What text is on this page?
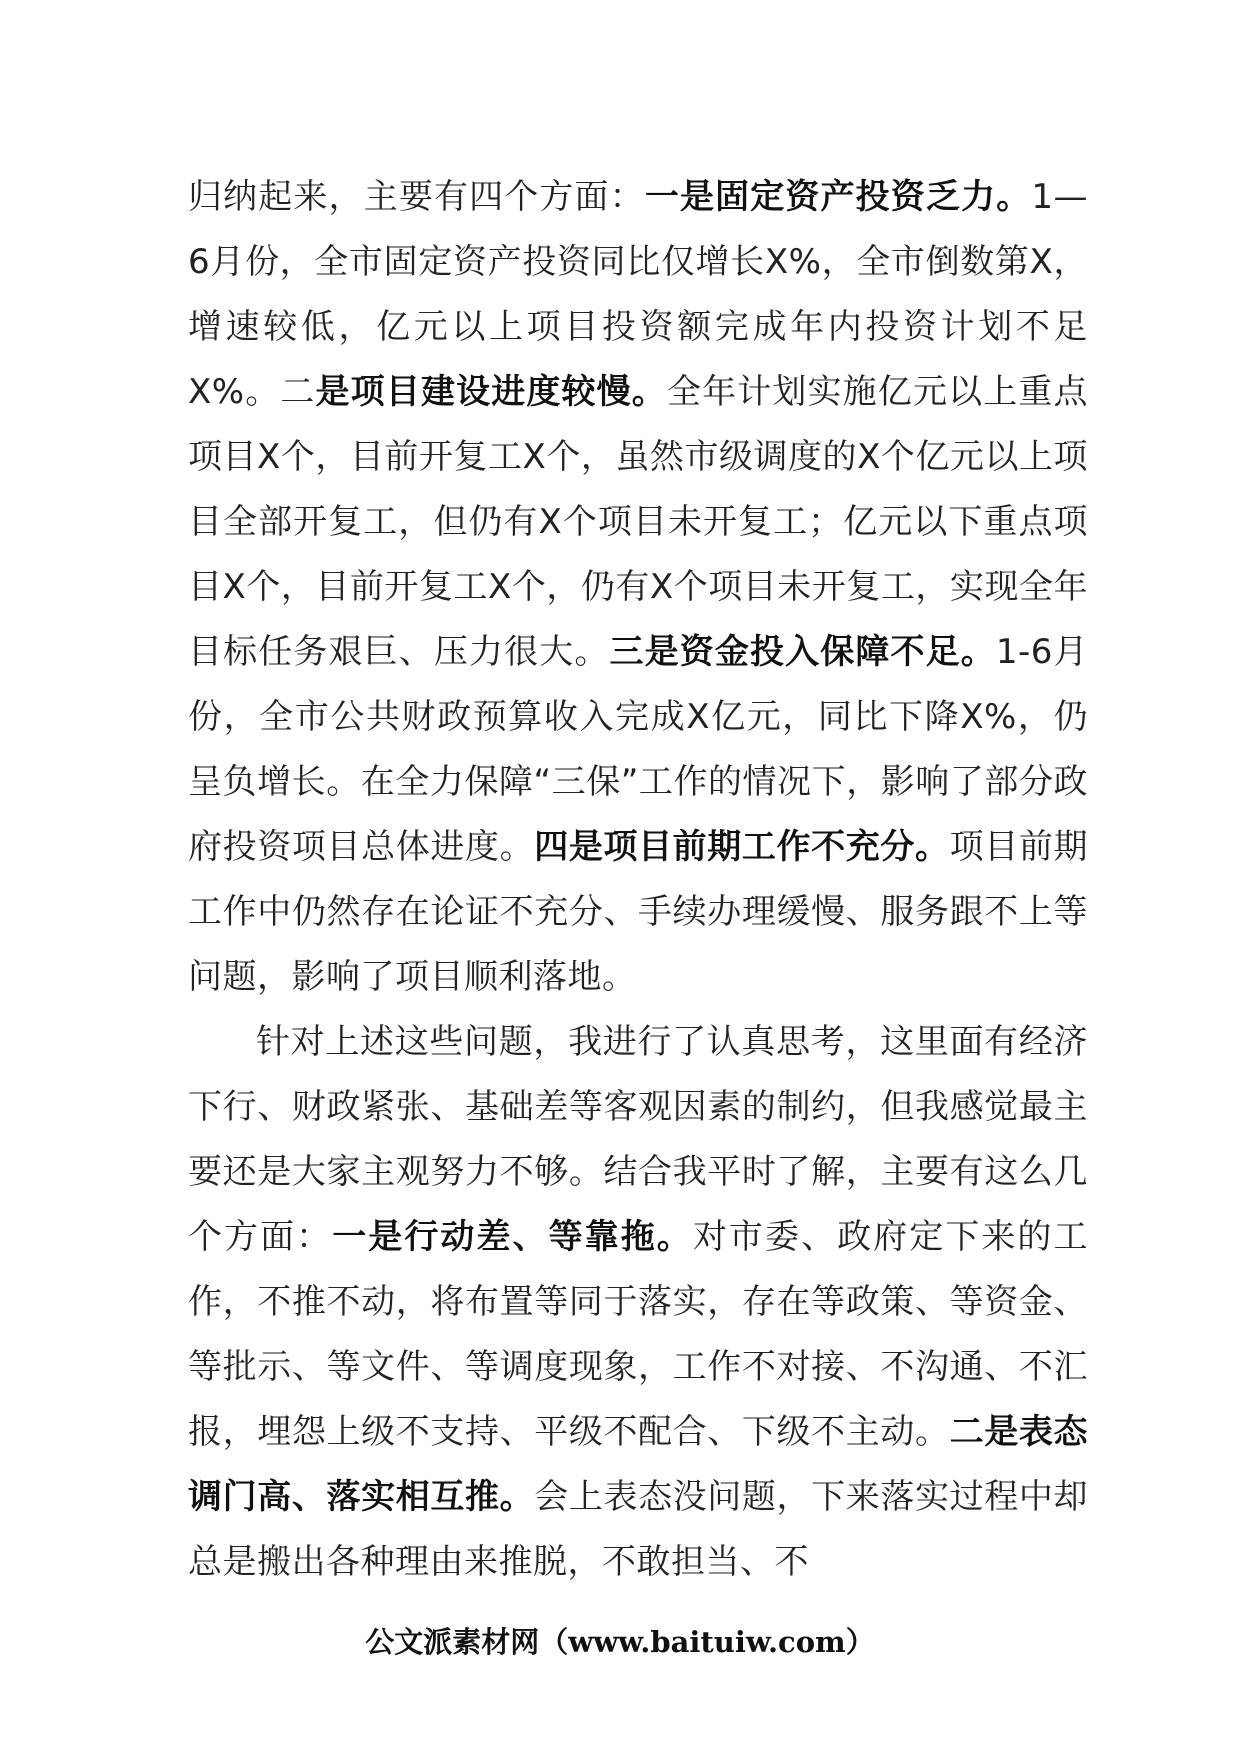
归纳起来，主要有四个方面：一是固定资产投资乏力。1—6月份，全市固定资产投资同比仅增长X%，全市倒数第X，增速较低，亿元以上项目投资额完成年内投资计划不足X%。二是项目建设进度较慢。全年计划实施亿元以上重点项目X个，目前开复工X个，虽然市级调度的X个亿元以上项目全部开复工，但仍有X个项目未开复工；亿元以下重点项目X个，目前开复工X个，仍有X个项目未开复工，实现全年目标任务艰巨、压力很大。三是资金投入保障不足。1-6月份，全市公共财政预算收入完成X亿元，同比下降X%，仍呈负增长。在全力保障“三保”工作的情况下，影响了部分政府投资项目总体进度。四是项目前期工作不充分。项目前期工作中仍然存在论证不充分、手续办理缓慢、服务跟不上等问题，影响了项目顺利落地。

针对上述这些问题，我进行了认真思考，这里面有经济下行、财政紧张、基础差等客观因素的制约，但我感觉最主要还是大家主观努力不够。结合我平时了解，主要有这么几个方面：一是行动差、等靠拖。对市委、政府定下来的工作，不推不动，将布置等同于落实，存在等政策、等资金、等批示、等文件、等调度现象，工作不对接、不沟通、不汇报，埋怨上级不支持、平级不配合、下级不主动。二是表态调门高、落实相互推。会上表态没问题，下来落实过程中却总是搬出各种理由来推脱，不敢担当、不

公文派素材网（www.baituiw.com）
